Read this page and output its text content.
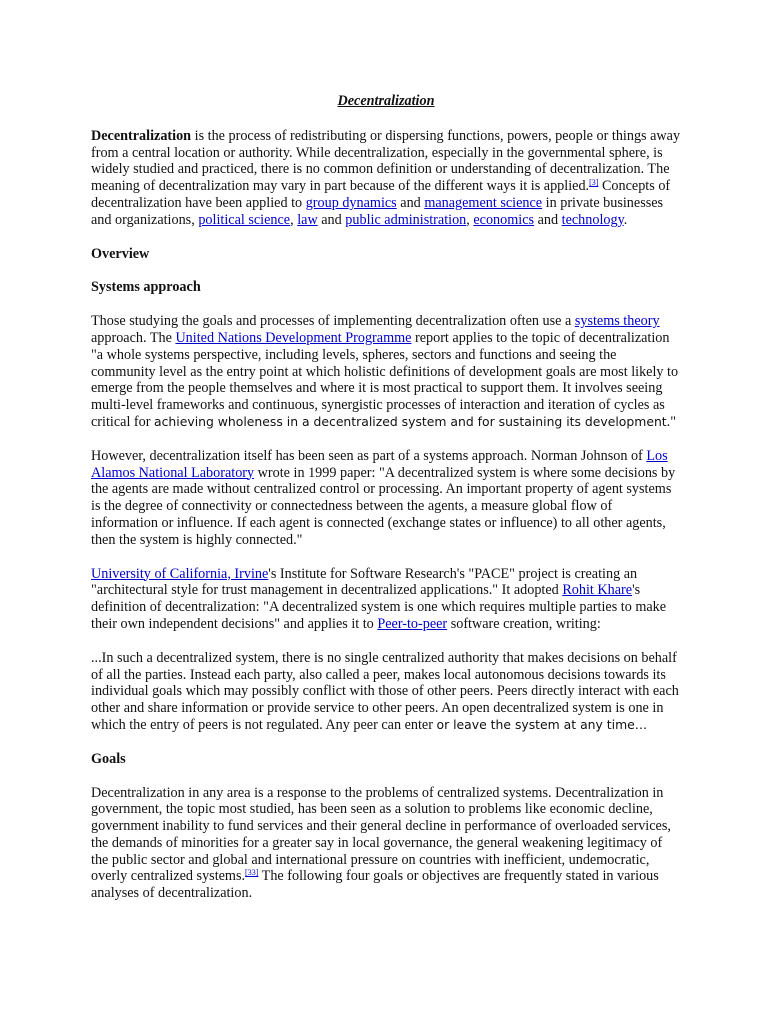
Decentralization

Decentralization is the process of redistributing or dispersing functions, powers, people or things away from a central location or authority. While decentralization, especially in the governmental sphere, is widely studied and practiced, there is no common definition or understanding of decentralization. The meaning of decentralization may vary in part because of the different ways it is applied.[3] Concepts of decentralization have been applied to group dynamics and management science in private businesses and organizations, political science, law and public administration, economics and technology.

Overview

Systems approach

Those studying the goals and processes of implementing decentralization often use a systems theory approach. The United Nations Development Programme report applies to the topic of decentralization "a whole systems perspective, including levels, spheres, sectors and functions and seeing the community level as the entry point at which holistic definitions of development goals are most likely to emerge from the people themselves and where it is most practical to support them. It involves seeing multi-level frameworks and continuous, synergistic processes of interaction and iteration of cycles as critical for achieving wholeness in a decentralized system and for sustaining its development."

However, decentralization itself has been seen as part of a systems approach. Norman Johnson of Los Alamos National Laboratory wrote in 1999 paper: "A decentralized system is where some decisions by the agents are made without centralized control or processing. An important property of agent systems is the degree of connectivity or connectedness between the agents, a measure global flow of information or influence. If each agent is connected (exchange states or influence) to all other agents, then the system is highly connected."

University of California, Irvine's Institute for Software Research's "PACE" project is creating an "architectural style for trust management in decentralized applications." It adopted Rohit Khare's definition of decentralization: "A decentralized system is one which requires multiple parties to make their own independent decisions" and applies it to Peer-to-peer software creation, writing:

...In such a decentralized system, there is no single centralized authority that makes decisions on behalf of all the parties. Instead each party, also called a peer, makes local autonomous decisions towards its individual goals which may possibly conflict with those of other peers. Peers directly interact with each other and share information or provide service to other peers. An open decentralized system is one in which the entry of peers is not regulated. Any peer can enter or leave the system at any time…

Goals

Decentralization in any area is a response to the problems of centralized systems. Decentralization in government, the topic most studied, has been seen as a solution to problems like economic decline, government inability to fund services and their general decline in performance of overloaded services, the demands of minorities for a greater say in local governance, the general weakening legitimacy of the public sector and global and international pressure on countries with inefficient, undemocratic, overly centralized systems.[33] The following four goals or objectives are frequently stated in various analyses of decentralization.
